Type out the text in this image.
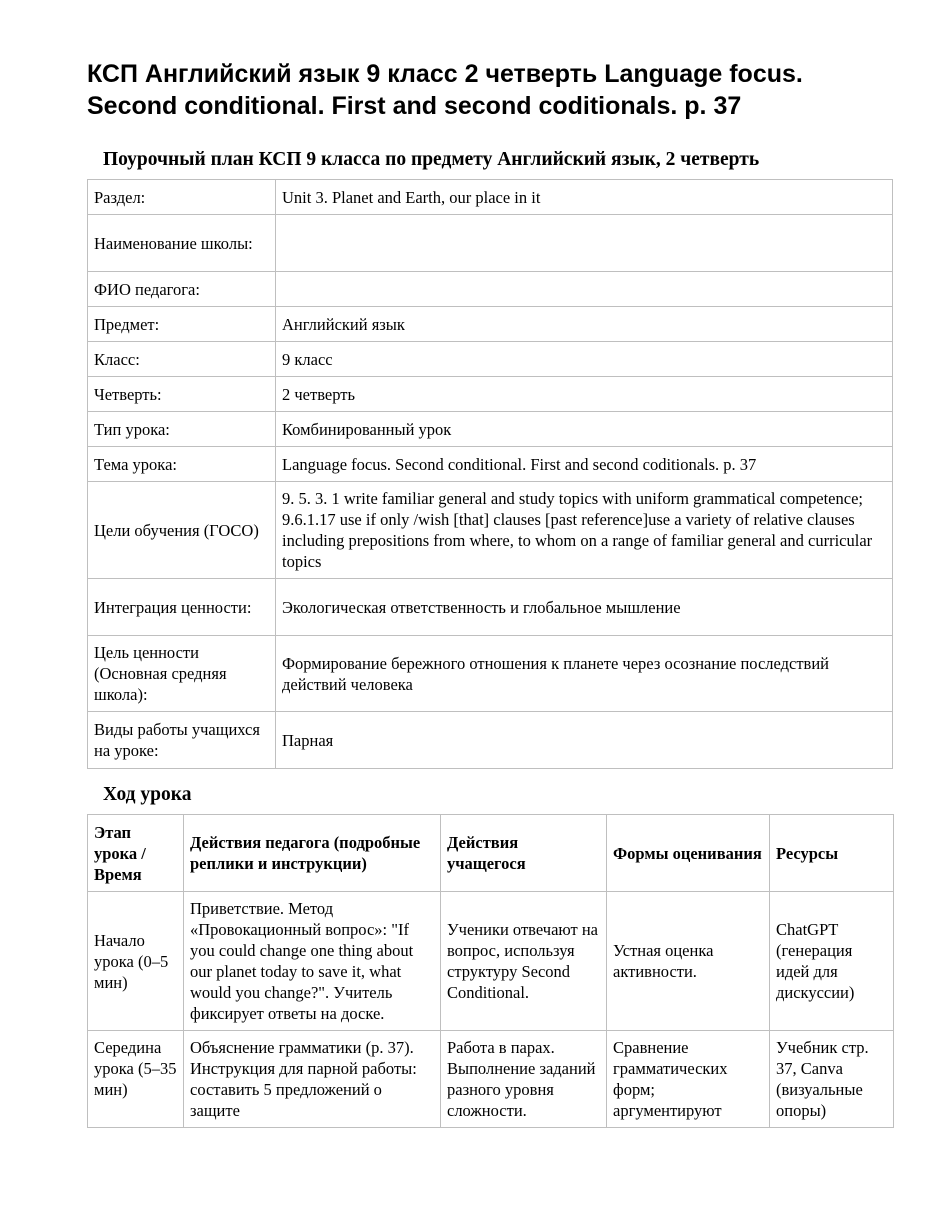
КСП Английский язык 9 класс 2 четверть Language focus. Second conditional. First and second coditionals. p. 37
Поурочный план КСП 9 класса по предмету Английский язык, 2 четверть
Раздел:	Unit 3. Planet and Earth, our place in it
Наименование школы:	
ФИО педагога:	
Предмет:	Английский язык
Класс:	9 класс
Четверть:	2 четверть
Тип урока:	Комбинированный урок
Тема урока:	Language focus. Second conditional. First and second coditionals. p. 37
Цели обучения (ГОСО)	9. 5. 3. 1 write familiar general and study topics with uniform grammatical competence; 9.6.1.17 use if only /wish [that] clauses [past reference]use a variety of relative clauses including prepositions from where, to whom on a range of familiar general and curricular topics
Интеграция ценности:	Экологическая ответственность и глобальное мышление
Цель ценности (Основная средняя школа):	Формирование бережного отношения к планете через осознание последствий действий человека
Виды работы учащихся на уроке:	Парная
Ход урока
Этап урока / Время	Действия педагога (подробные реплики и инструкции)	Действия учащегося	Формы оценивания	Ресурсы
Начало урока (0–5 мин)	Приветствие. Метод «Провокационный вопрос»: "If you could change one thing about our planet today to save it, what would you change?". Учитель фиксирует ответы на доске.	Ученики отвечают на вопрос, используя структуру Second Conditional.	Устная оценка активности.	ChatGPT (генерация идей для дискуссии)
Середина урока (5–35 мин)	Объяснение грамматики (р. 37). Инструкция для парной работы: составить 5 предложений о защите	Работа в парах. Выполнение заданий разного уровня сложности.	Сравнение грамматических форм; аргументируют	Учебник стр. 37, Canva (визуальные опоры)
